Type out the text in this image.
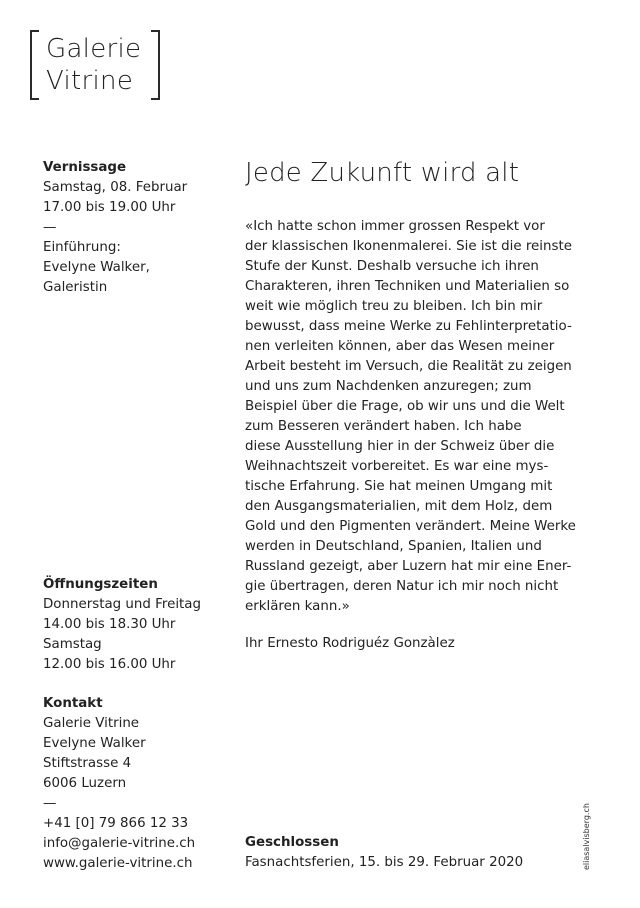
Galerie
Vitrine
Vernissage
Samstag, 08. Februar
17.00 bis 19.00 Uhr
—
Einführung:
Evelyne Walker,
Galeristin
Öffnungszeiten
Donnerstag und Freitag
14.00 bis 18.30 Uhr
Samstag
12.00 bis 16.00 Uhr
Kontakt
Galerie Vitrine
Evelyne Walker
Stiftstrasse 4
6006 Luzern
—
+41 [0] 79 866 12 33
info@galerie-vitrine.ch
www.galerie-vitrine.ch
Jede Zukunft wird alt
«Ich hatte schon immer grossen Respekt vor
der klassischen Ikonenmalerei. Sie ist die reinste
Stufe der Kunst. Deshalb versuche ich ihren
Charakteren, ihren Techniken und Materialien so
weit wie möglich treu zu bleiben. Ich bin mir
bewusst, dass meine Werke zu Fehlinterpretatio-
nen verleiten können, aber das Wesen meiner
Arbeit besteht im Versuch, die Realität zu zeigen
und uns zum Nachdenken anzuregen; zum
Beispiel über die Frage, ob wir uns und die Welt
zum Besseren verändert haben. Ich habe
diese Ausstellung hier in der Schweiz über die
Weihnachtszeit vorbereitet. Es war eine mys-
tische Erfahrung. Sie hat meinen Umgang mit
den Ausgangsmaterialien, mit dem Holz, dem
Gold und den Pigmenten verändert. Meine Werke
werden in Deutschland, Spanien, Italien und
Russland gezeigt, aber Luzern hat mir eine Ener-
gie übertragen, deren Natur ich mir noch nicht
erklären kann.»
Ihr Ernesto Rodriguéz Gonzàlez
Geschlossen
Fasnachtsferien, 15. bis 29. Februar 2020	eliasalvisberg.ch
